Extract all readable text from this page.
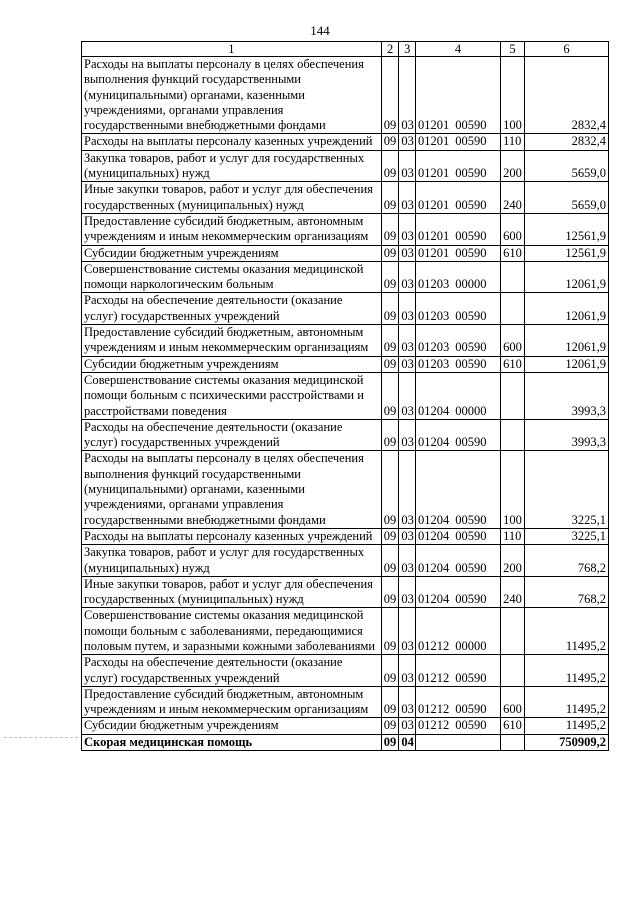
144
1	2	3	4	5	6
Расходы на выплаты персоналу в целях обеспечения выполнения функций государственными (муниципальными) органами, казенными учреждениями, органами управления государственными внебюджетными фондами	09	03	01201 00590	100	2832,4
Расходы на выплаты персоналу казенных учреждений	09	03	01201 00590	110	2832,4
Закупка товаров, работ и услуг для государственных (муниципальных) нужд	09	03	01201 00590	200	5659,0
Иные закупки товаров, работ и услуг для обеспечения государственных (муниципальных) нужд	09	03	01201 00590	240	5659,0
Предоставление субсидий бюджетным, автономным учреждениям и иным некоммерческим организациям	09	03	01201 00590	600	12561,9
Субсидии бюджетным учреждениям	09	03	01201 00590	610	12561,9
Совершенствование системы оказания медицинской помощи наркологическим больным	09	03	01203 00000		12061,9
Расходы на обеспечение деятельности (оказание услуг) государственных учреждений	09	03	01203 00590		12061,9
Предоставление субсидий бюджетным, автономным учреждениям и иным некоммерческим организациям	09	03	01203 00590	600	12061,9
Субсидии бюджетным учреждениям	09	03	01203 00590	610	12061,9
Совершенствование системы оказания медицинской помощи больным с психическими расстройствами и расстройствами поведения	09	03	01204 00000		3993,3
Расходы на обеспечение деятельности (оказание услуг) государственных учреждений	09	03	01204 00590		3993,3
Расходы на выплаты персоналу в целях обеспечения выполнения функций государственными (муниципальными) органами, казенными учреждениями, органами управления государственными внебюджетными фондами	09	03	01204 00590	100	3225,1
Расходы на выплаты персоналу казенных учреждений	09	03	01204 00590	110	3225,1
Закупка товаров, работ и услуг для государственных (муниципальных) нужд	09	03	01204 00590	200	768,2
Иные закупки товаров, работ и услуг для обеспечения государственных (муниципальных) нужд	09	03	01204 00590	240	768,2
Совершенствование системы оказания медицинской помощи больным с заболеваниями, передающимися половым путем, и заразными кожными заболеваниями	09	03	01212 00000		11495,2
Расходы на обеспечение деятельности (оказание услуг) государственных учреждений	09	03	01212 00590		11495,2
Предоставление субсидий бюджетным, автономным учреждениям и иным некоммерческим организациям	09	03	01212 00590	600	11495,2
Субсидии бюджетным учреждениям	09	03	01212 00590	610	11495,2
Скорая медицинская помощь	09	04			750909,2
